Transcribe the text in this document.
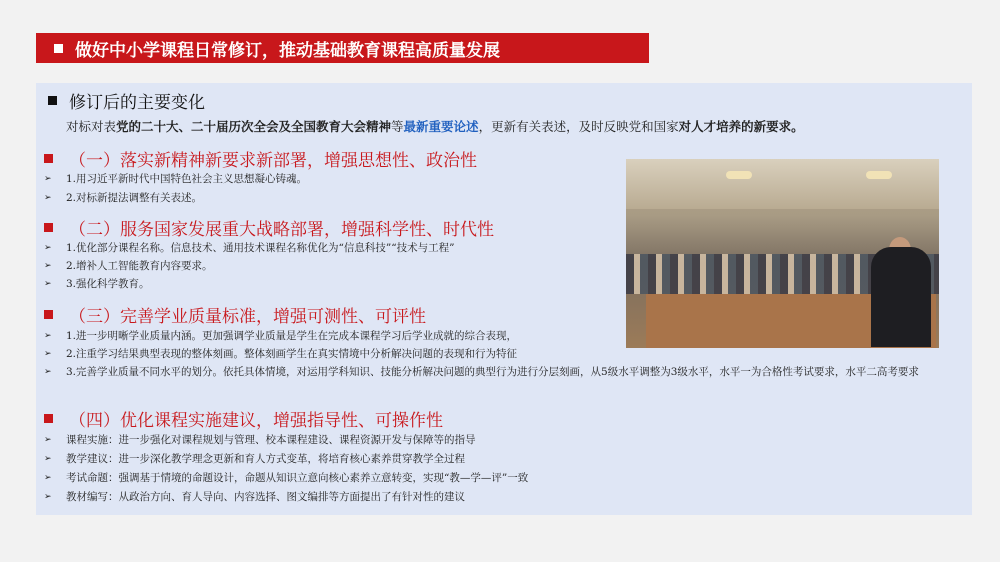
做好中小学课程日常修订，推动基础教育课程高质量发展
修订后的主要变化
对标对表党的二十大、二十届历次全会及全国教育大会精神等最新重要论述，更新有关表述，及时反映党和国家对人才培养的新要求。
（一）落实新精神新要求新部署，增强思想性、政治性
➢	1.用习近平新时代中国特色社会主义思想凝心铸魂。
➢	2.对标新提法调整有关表述。
（二）服务国家发展重大战略部署，增强科学性、时代性
➢	1.优化部分课程名称。信息技术、通用技术课程名称优化为“信息科技”“技术与工程”
➢	2.增补人工智能教育内容要求。
➢	3.强化科学教育。
（三）完善学业质量标准，增强可测性、可评性
➢	1.进一步明晰学业质量内涵。更加强调学业质量是学生在完成本课程学习后学业成就的综合表现，
➢	2.注重学习结果典型表现的整体刻画。整体刻画学生在真实情境中分析解决问题的表现和行为特征
➢	3.完善学业质量不同水平的划分。依托具体情境，对运用学科知识、技能分析解决问题的典型行为进行分层刻画，从5级水平调整为3级水平，水平一为合格性考试要求，水平二高考要求
（四）优化课程实施建议，增强指导性、可操作性
➢	课程实施：进一步强化对课程规划与管理、校本课程建设、课程资源开发与保障等的指导
➢	教学建议：进一步深化教学理念更新和育人方式变革，将培育核心素养贯穿教学全过程
➢	考试命题：强调基于情境的命题设计，命题从知识立意向核心素养立意转变，实现“教—学—评”一致
➢	教材编写：从政治方向、育人导向、内容选择、图文编排等方面提出了有针对性的建议
